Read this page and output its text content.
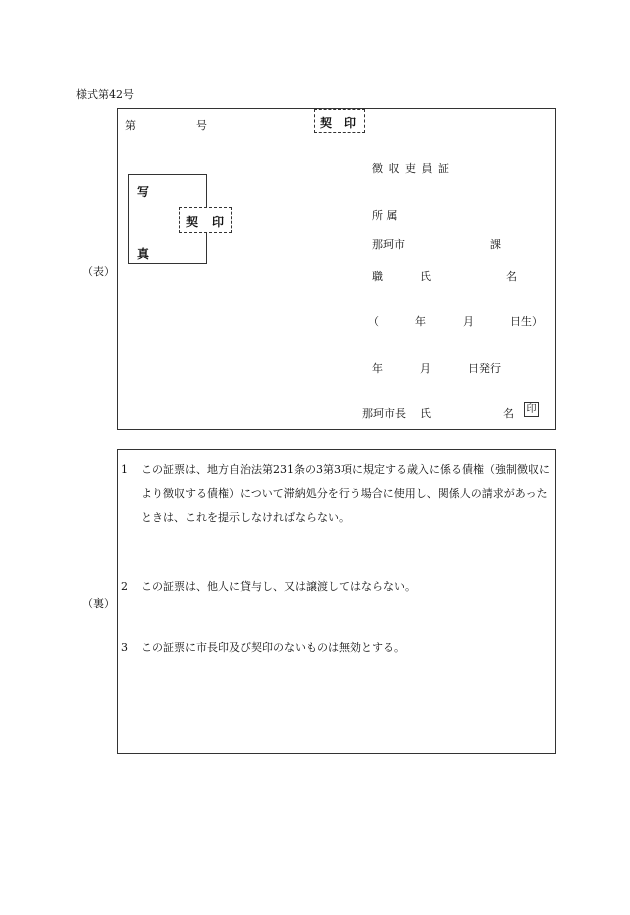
様式第42号
（表）
第	号	契 印
写
真
契 印
徴 収 吏 員 証
所 属
那珂市	課
職	氏	名
（	年	月	日生）
年	月	日発行
那珂市長 氏	名 印
（裏）
1 この証票は、地方自治法第231条の3第3項に規定する歳入に係る債権（強制徴収により徴収する債権）について滞納処分を行う場合に使用し、関係人の請求があったときは、これを提示しなければならない。
2 この証票は、他人に貸与し、又は譲渡してはならない。
3 この証票に市長印及び契印のないものは無効とする。
